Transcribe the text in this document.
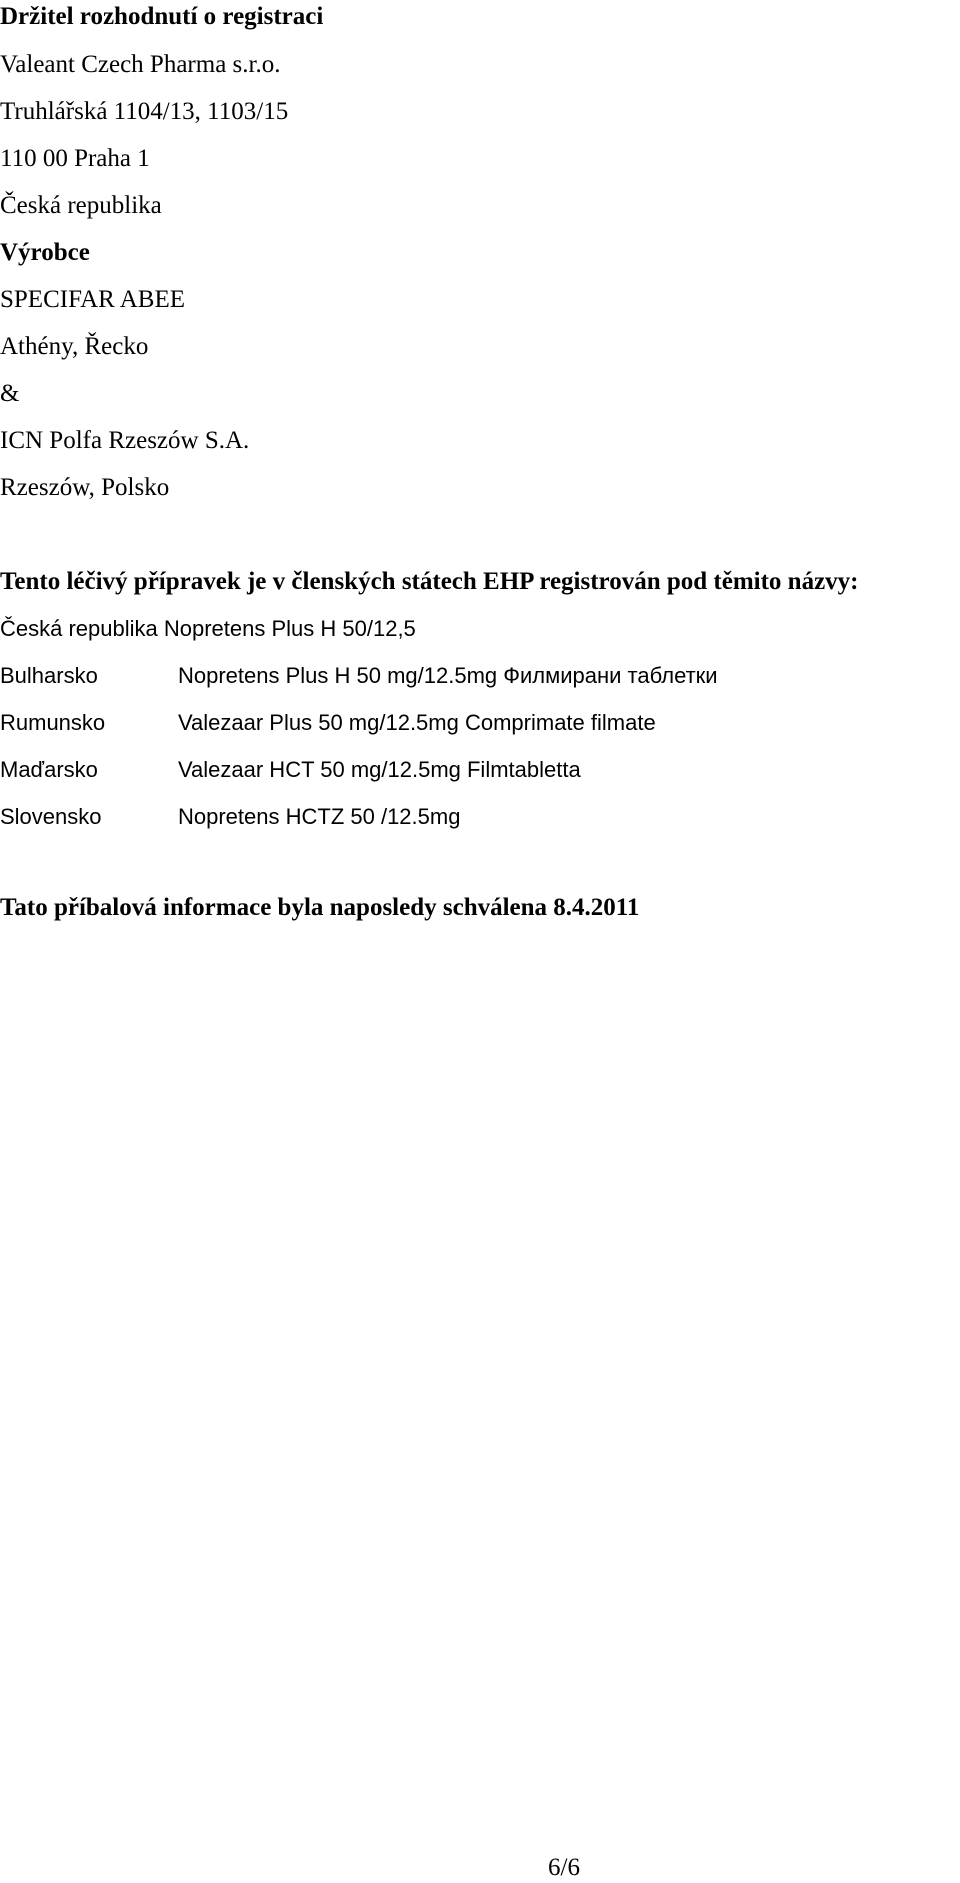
Držitel rozhodnutí o registraci

Valeant Czech Pharma s.r.o.

Truhlářská 1104/13, 1103/15

110 00 Praha 1

Česká republika

Výrobce

SPECIFAR ABEE

Athény, Řecko

&

ICN Polfa Rzeszów S.A.

Rzeszów, Polsko

Tento léčivý přípravek je v členských státech EHP registrován pod těmito názvy:

Česká republika Nopretens Plus H 50/12,5

Bulharsko	Nopretens Plus H 50 mg/12.5mg Филмирани таблетки
Rumunsko	Valezaar Plus 50 mg/12.5mg Comprimate filmate
Maďarsko	Valezaar HCT 50 mg/12.5mg Filmtabletta
Slovensko	Nopretens HCTZ 50 /12.5mg

Tato příbalová informace byla naposledy schválena 8.4.2011

6/6
